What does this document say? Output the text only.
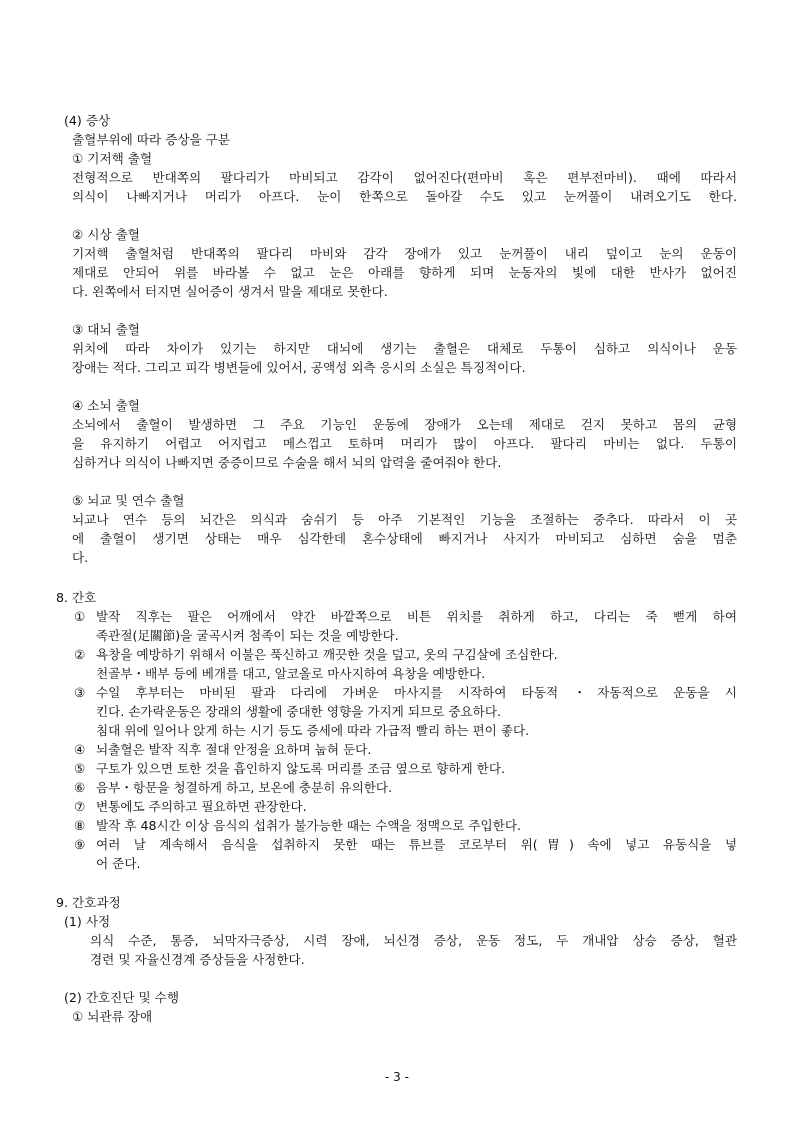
(4) 증상
출혈부위에 따라 증상을 구분
① 기저핵 출혈
전형적으로 반대쪽의 팔다리가 마비되고 감각이 없어진다(편마비 혹은 편부전마비). 때에 따라서
의식이 나빠지거나 머리가 아프다. 눈이 한쪽으로 돌아갈 수도 있고 눈꺼풀이 내려오기도 한다.
② 시상 출혈
기저핵 출혈처럼 반대쪽의 팔다리 마비와 감각 장애가 있고 눈꺼풀이 내리 덮이고 눈의 운동이
제대로 안되어 위를 바라볼 수 없고 눈은 아래를 향하게 되며 눈동자의 빛에 대한 반사가 없어진
다. 왼쪽에서 터지면 실어증이 생겨서 말을 제대로 못한다.
③ 대뇌 출혈
위치에 따라 차이가 있기는 하지만 대뇌에 생기는 출혈은 대체로 두통이 심하고 의식이나 운동
장애는 적다. 그리고 피각 병변들에 있어서, 공액성 외측 응시의 소실은 특징적이다.
④ 소뇌 출혈
소뇌에서 출혈이 발생하면 그 주요 기능인 운동에 장애가 오는데 제대로 걷지 못하고 몸의 균형
을 유지하기 어렵고 어지럽고 메스껍고 토하며 머리가 많이 아프다. 팔다리 마비는 없다. 두통이
심하거나 의식이 나빠지면 중증이므로 수술을 해서 뇌의 압력을 줄여줘야 한다.
⑤ 뇌교 및 연수 출혈
뇌교나 연수 등의 뇌간은 의식과 숨쉬기 등 아주 기본적인 기능을 조절하는 중추다. 따라서 이 곳
에 출혈이 생기면 상태는 매우 심각한데 혼수상태에 빠지거나 사지가 마비되고 심하면 숨을 멈춘
다.
8. 간호
① 발작 직후는 팔은 어깨에서 약간 바깥쪽으로 비튼 위치를 취하게 하고, 다리는 죽 뻗게 하여
족관절(足關節)을 굴곡시켜 첨족이 되는 것을 예방한다.
② 욕창을 예방하기 위해서 이불은 푹신하고 깨끗한 것을 덮고, 옷의 구김살에 조심한다.
천골부・배부 등에 베개를 대고, 알코올로 마사지하여 욕창을 예방한다.
③ 수일 후부터는 마비된 팔과 다리에 가벼운 마사지를 시작하여 타동적 ・자동적으로 운동을 시
킨다. 손가락운동은 장래의 생활에 중대한 영향을 가지게 되므로 중요하다.
침대 위에 일어나 앉게 하는 시기 등도 증세에 따라 가급적 빨리 하는 편이 좋다.
④ 뇌출혈은 발작 직후 절대 안정을 요하며 눕혀 둔다.
⑤ 구토가 있으면 토한 것을 흡인하지 않도록 머리를 조금 옆으로 향하게 한다.
⑥ 음부・항문을 청결하게 하고, 보온에 충분히 유의한다.
⑦ 변통에도 주의하고 필요하면 관장한다.
⑧ 발작 후 48시간 이상 음식의 섭취가 불가능한 때는 수액을 정맥으로 주입한다.
⑨ 여러 날 계속해서 음식을 섭취하지 못한 때는 튜브를 코로부터 위(胃) 속에 넣고 유동식을 넣
어 준다.
9. 간호과정
(1) 사정
의식 수준, 통증, 뇌막자극증상, 시력 장애, 뇌신경 증상, 운동 정도, 두 개내압 상승 증상, 혈관
경련 및 자율신경계 증상들을 사정한다.
(2) 간호진단 및 수행
① 뇌관류 장애
- 3 -
